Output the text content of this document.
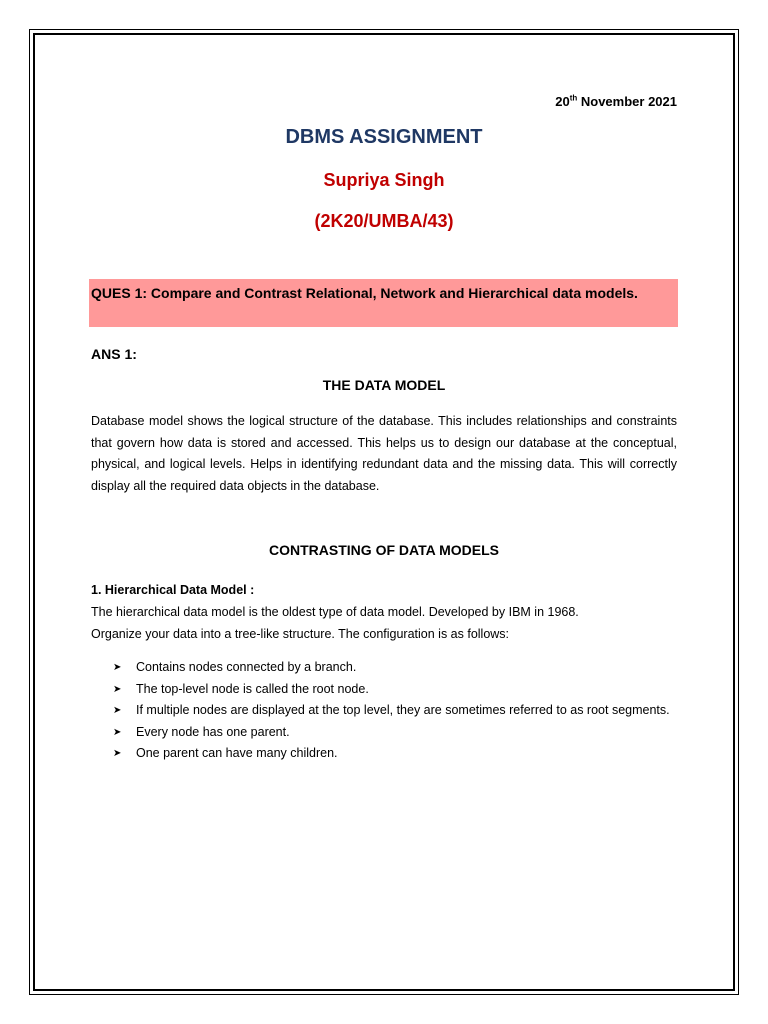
20th November 2021
DBMS ASSIGNMENT
Supriya Singh
(2K20/UMBA/43)
QUES 1: Compare and Contrast Relational, Network and Hierarchical data models.
ANS 1:
THE DATA MODEL
Database model shows the logical structure of the database. This includes relationships and constraints that govern how data is stored and accessed. This helps us to design our database at the conceptual, physical, and logical levels. Helps in identifying redundant data and the missing data. This will correctly display all the required data objects in the database.
CONTRASTING OF DATA MODELS
1. Hierarchical Data Model :
The hierarchical data model is the oldest type of data model. Developed by IBM in 1968.
Organize your data into a tree-like structure. The configuration is as follows:
➤ Contains nodes connected by a branch.
➤ The top-level node is called the root node.
➤ If multiple nodes are displayed at the top level, they are sometimes referred to as root segments.
➤ Every node has one parent.
➤ One parent can have many children.
